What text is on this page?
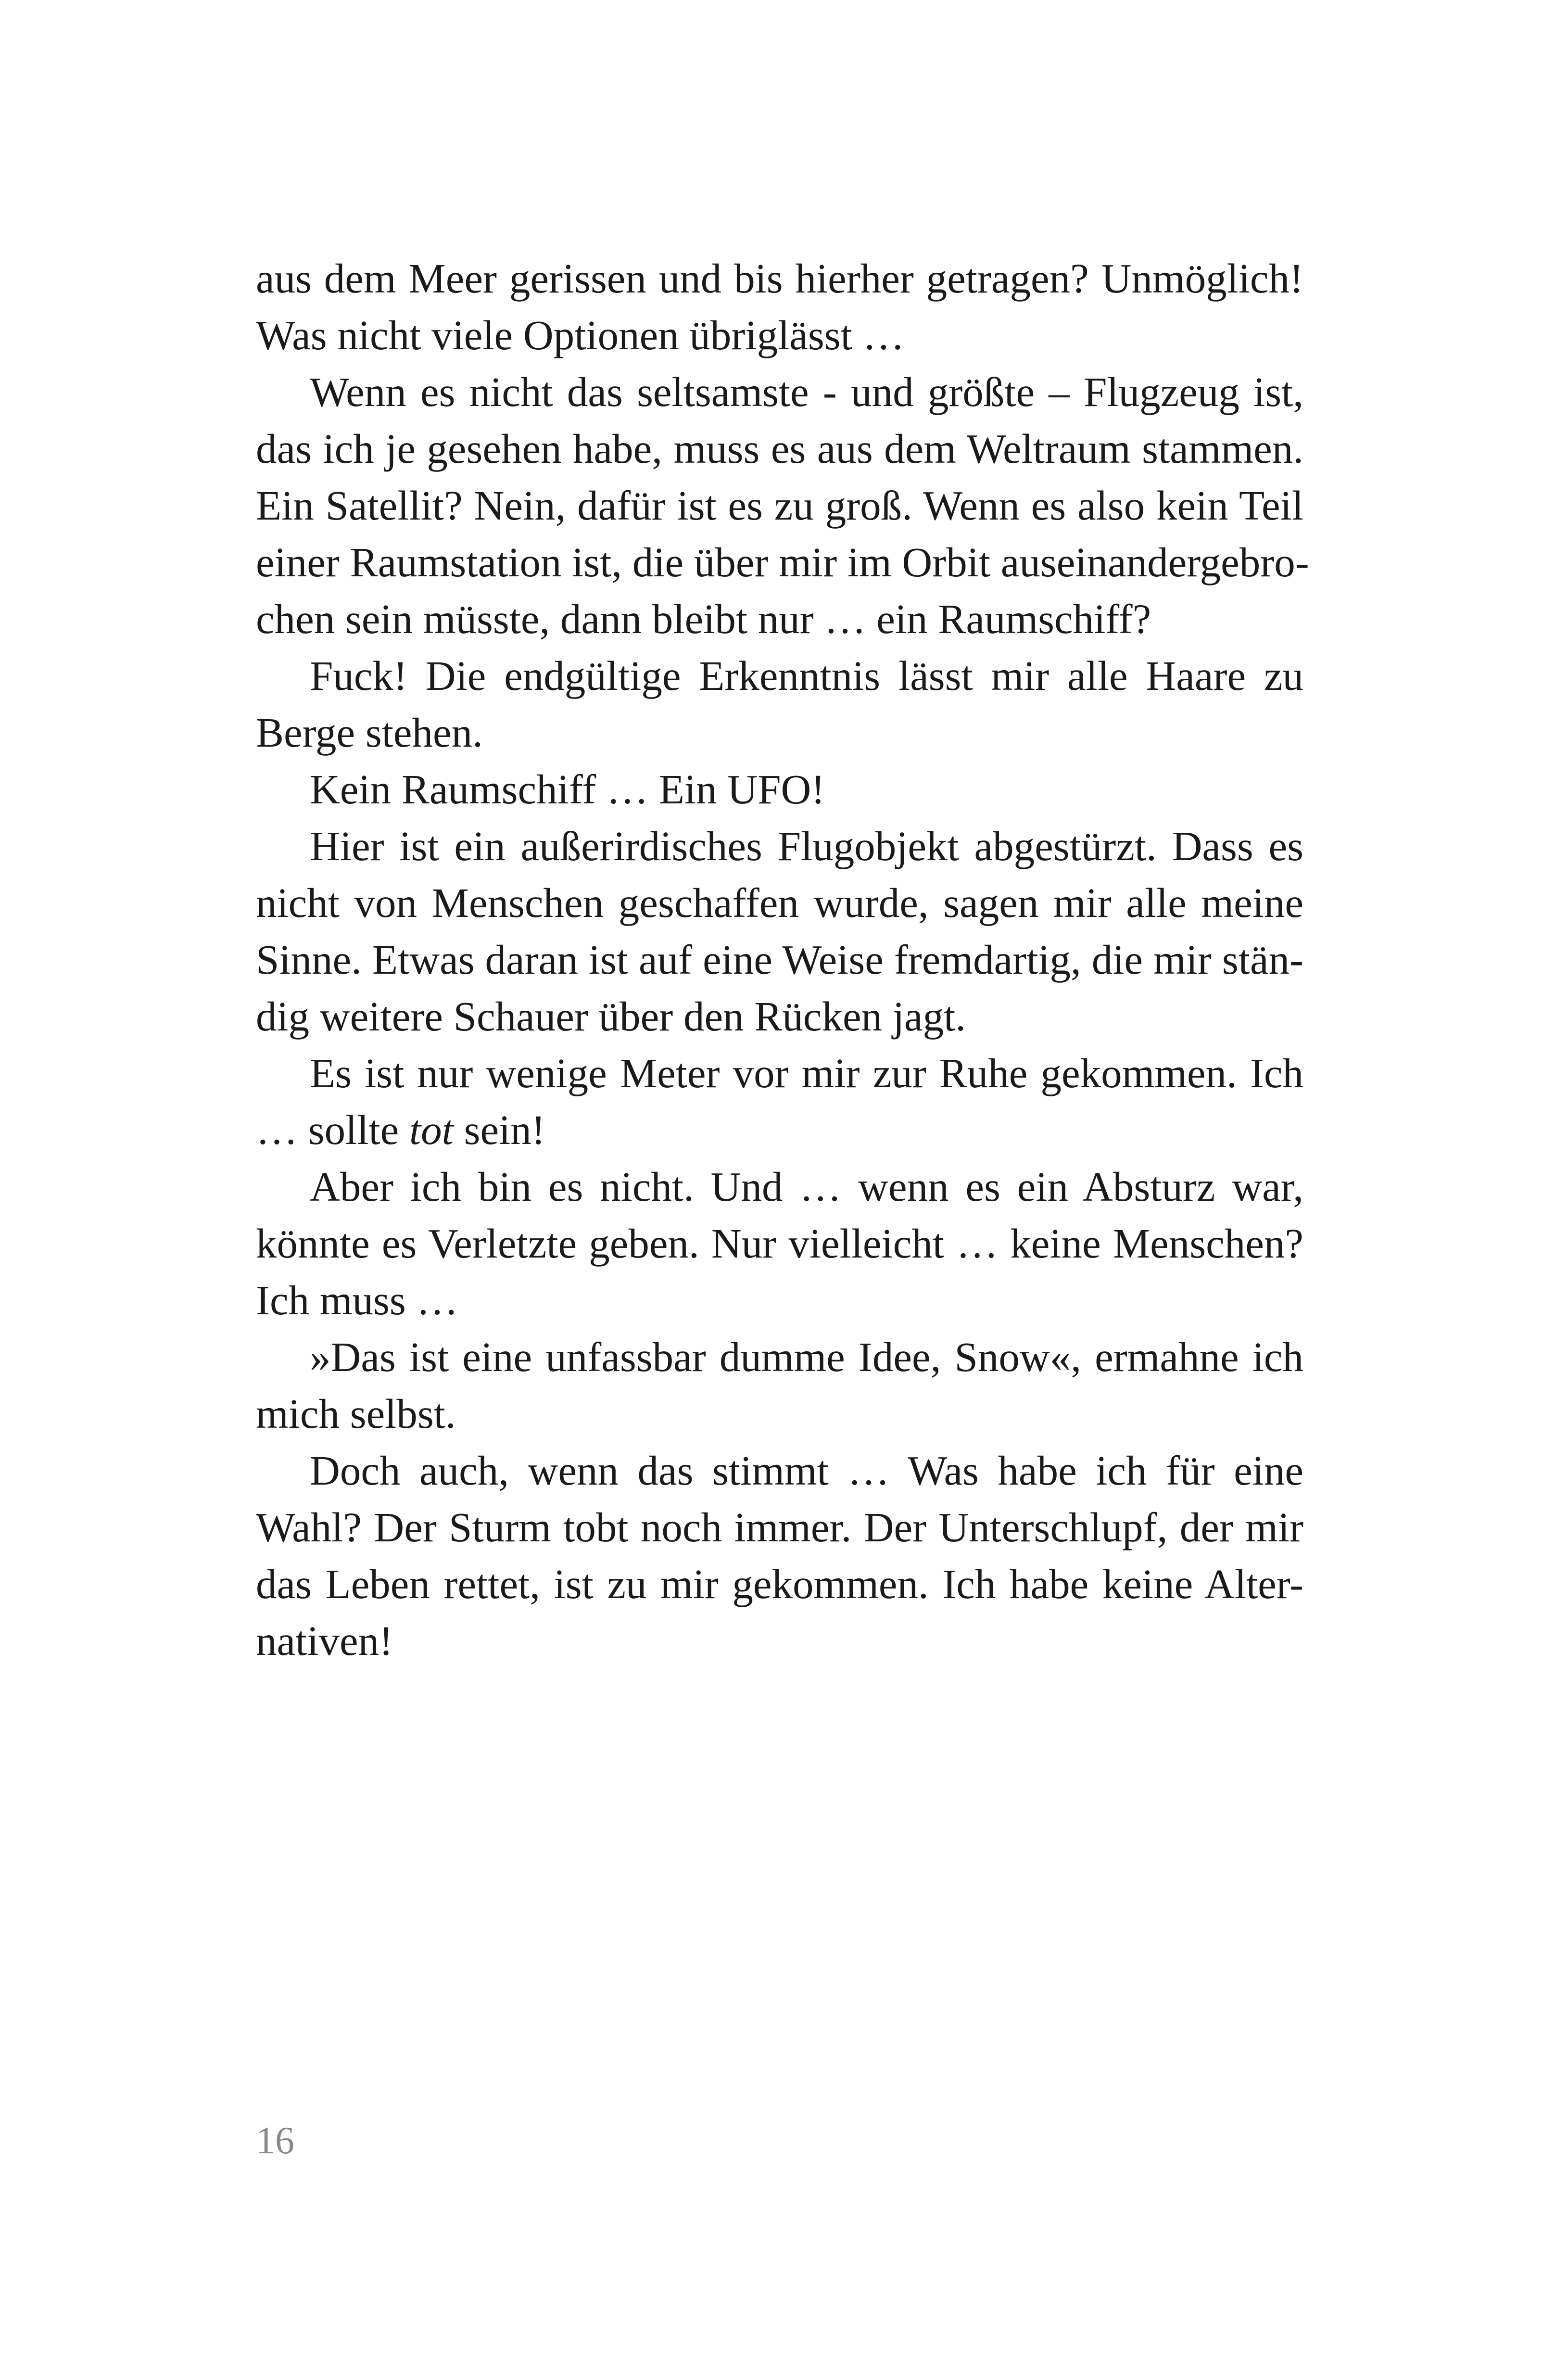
aus dem Meer gerissen und bis hierher getragen? Unmöglich!
Was nicht viele Optionen übriglässt …
Wenn es nicht das seltsamste - und größte – Flugzeug ist,
das ich je gesehen habe, muss es aus dem Weltraum stammen.
Ein Satellit? Nein, dafür ist es zu groß. Wenn es also kein Teil
einer Raumstation ist, die über mir im Orbit auseinandergebro-
chen sein müsste, dann bleibt nur … ein Raumschiff?
Fuck! Die endgültige Erkenntnis lässt mir alle Haare zu
Berge stehen.
Kein Raumschiff … Ein UFO!
Hier ist ein außerirdisches Flugobjekt abgestürzt. Dass es
nicht von Menschen geschaffen wurde, sagen mir alle meine
Sinne. Etwas daran ist auf eine Weise fremdartig, die mir stän-
dig weitere Schauer über den Rücken jagt.
Es ist nur wenige Meter vor mir zur Ruhe gekommen. Ich
… sollte tot sein!
Aber ich bin es nicht. Und … wenn es ein Absturz war,
könnte es Verletzte geben. Nur vielleicht … keine Menschen?
Ich muss …
»Das ist eine unfassbar dumme Idee, Snow«, ermahne ich
mich selbst.
Doch auch, wenn das stimmt … Was habe ich für eine
Wahl? Der Sturm tobt noch immer. Der Unterschlupf, der mir
das Leben rettet, ist zu mir gekommen. Ich habe keine Alter-
nativen!
16
